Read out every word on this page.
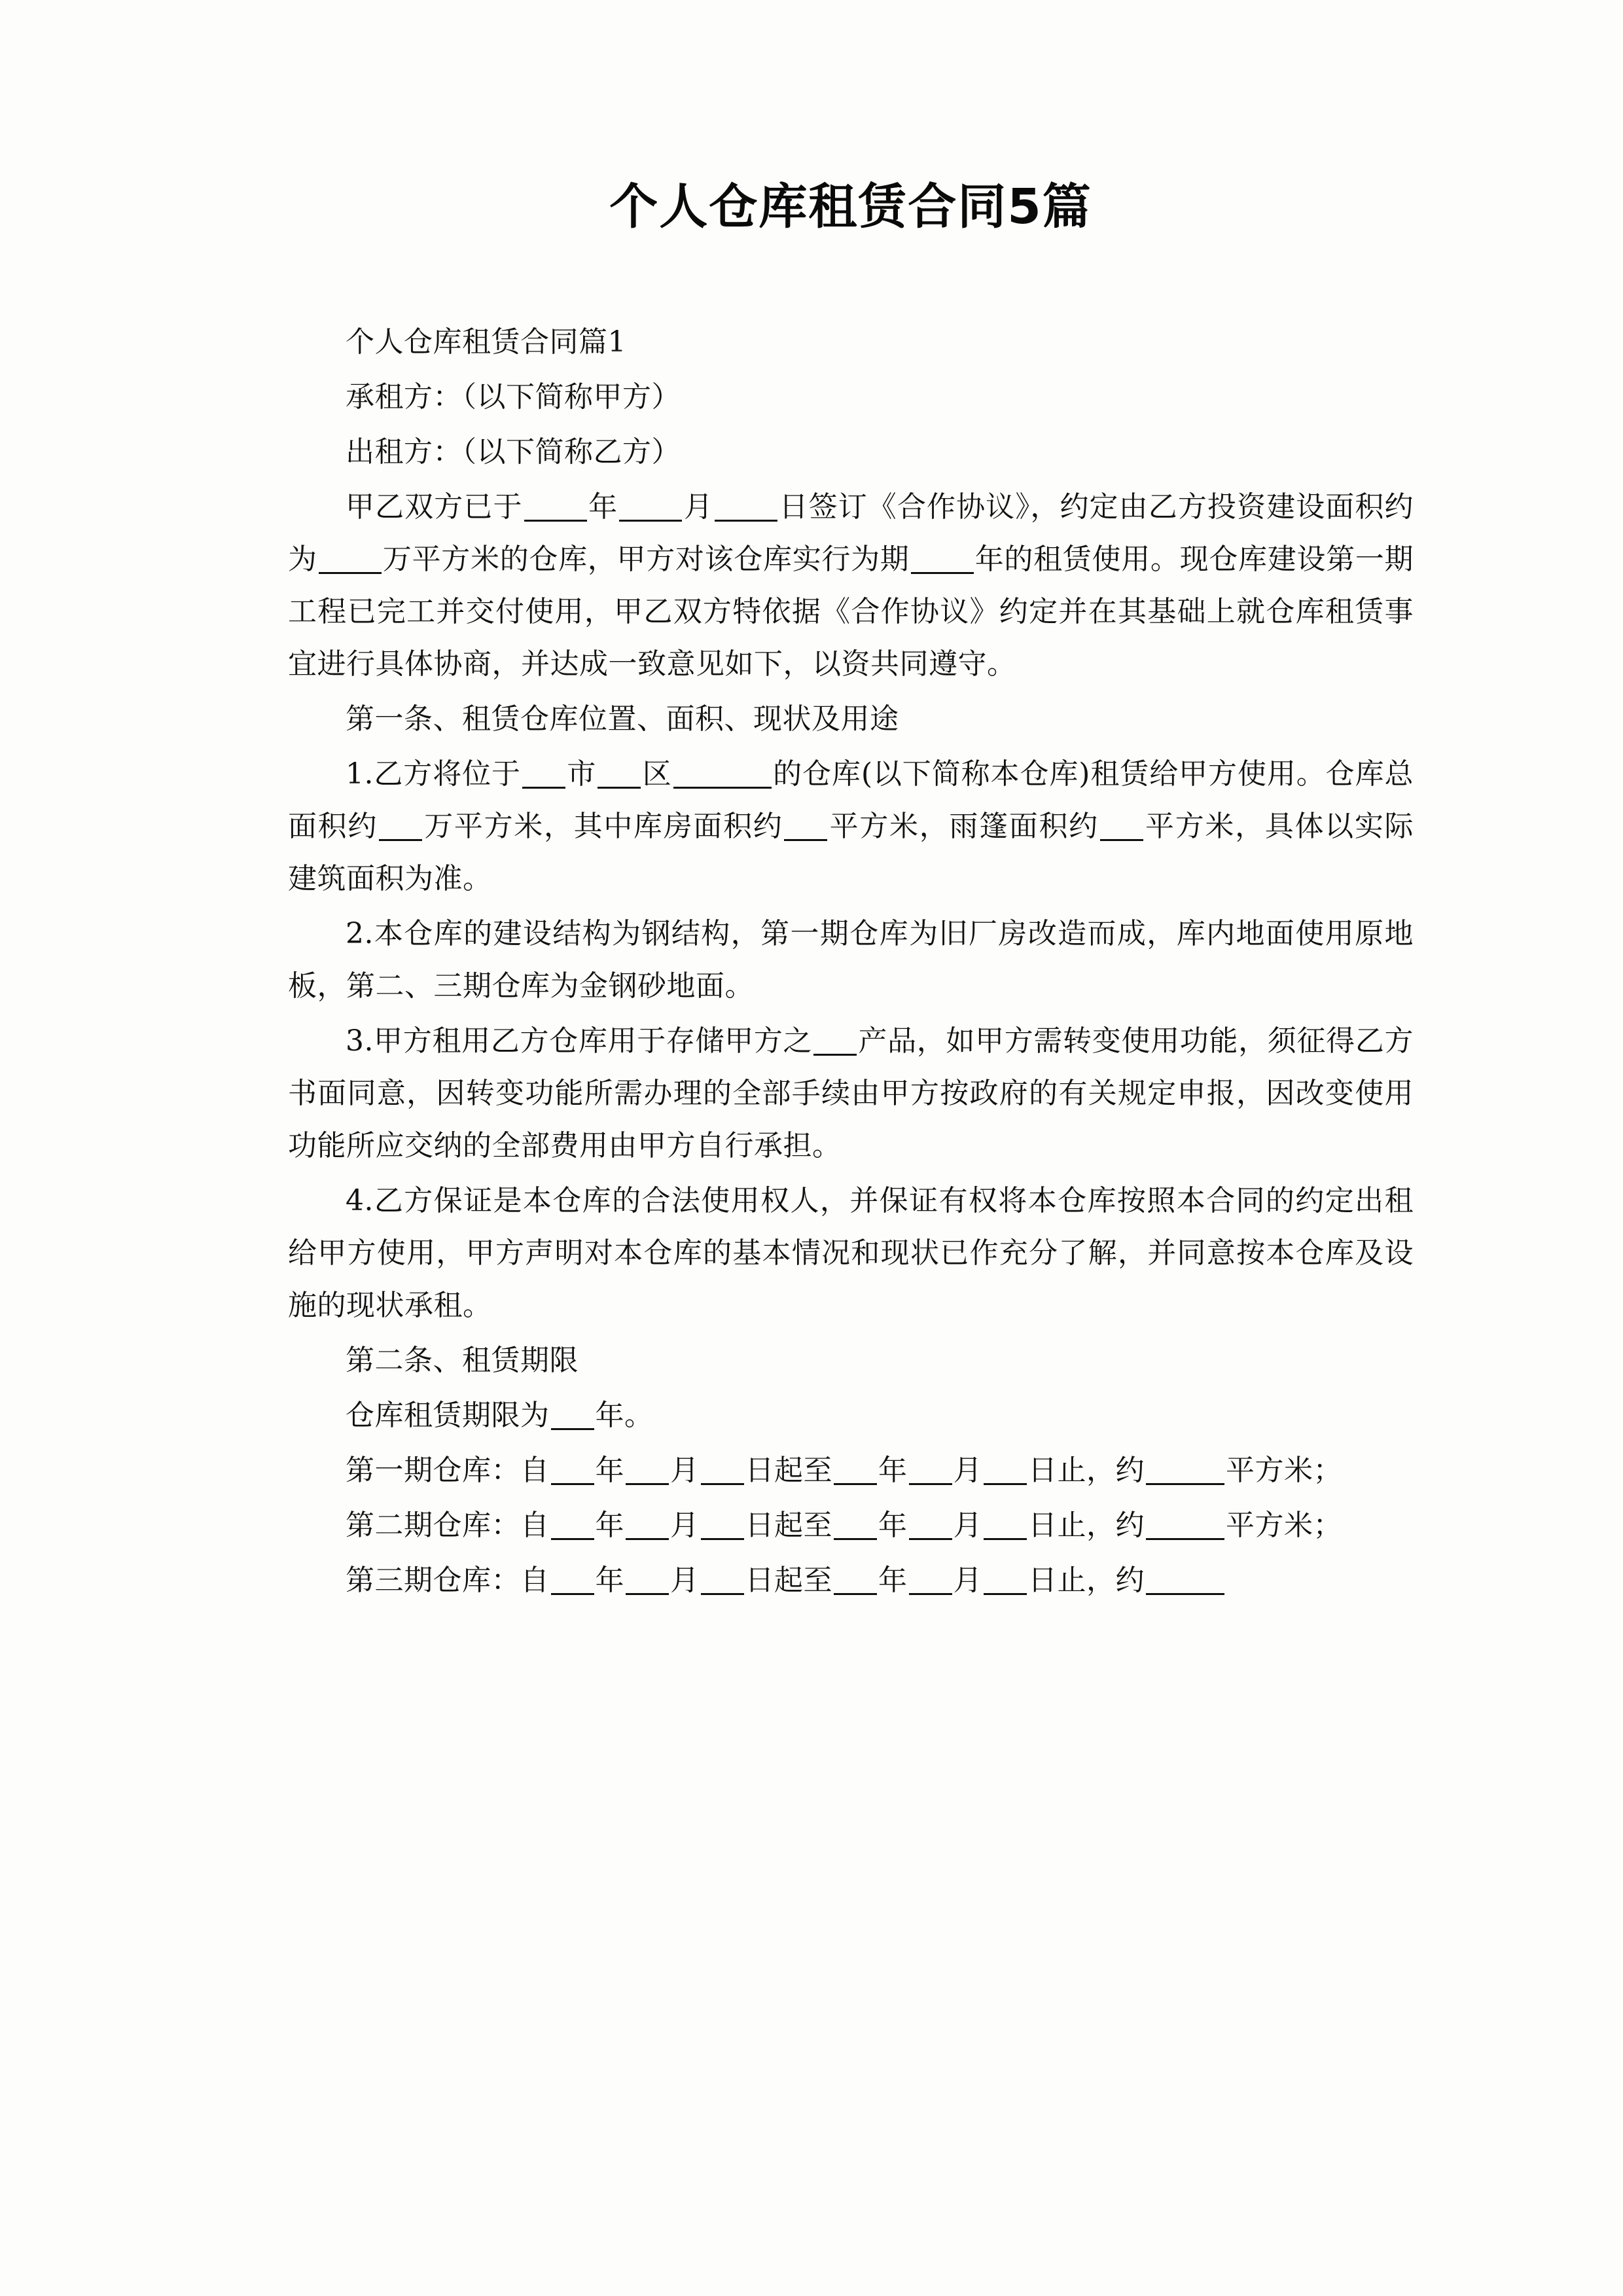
个人仓库租赁合同5篇

个人仓库租赁合同篇1

承租方：（以下简称甲方）

出租方：（以下简称乙方）

甲乙双方已于 年 月 日签订《合作协议》，约定由乙方投资建设面积约为 万平方米的仓库，甲方对该仓库实行为期 年的租赁使用。现仓库建设第一期工程已完工并交付使用，甲乙双方特依据《合作协议》约定并在其基础上就仓库租赁事宜进行具体协商，并达成一致意见如下，以资共同遵守。

第一条、租赁仓库位置、面积、现状及用途

1.乙方将位于 市 区	的仓库(以下简称本仓库)租赁给甲方使用。仓库总面积约 万平方米，其中库房面积约 平方米，雨篷面积约 平方米，具体以实际建筑面积为准。

2.本仓库的建设结构为钢结构，第一期仓库为旧厂房改造而成，库内地面使用原地板，第二、三期仓库为金钢砂地面。

3.甲方租用乙方仓库用于存储甲方之 产品，如甲方需转变使用功能，须征得乙方书面同意，因转变功能所需办理的全部手续由甲方按政府的有关规定申报，因改变使用功能所应交纳的全部费用由甲方自行承担。

4.乙方保证是本仓库的合法使用权人，并保证有权将本仓库按照本合同的约定出租给甲方使用，甲方声明对本仓库的基本情况和现状已作充分了解，并同意按本仓库及设施的现状承租。

第二条、租赁期限

仓库租赁期限为 年。

第一期仓库：自 年 月 日起至 年 月 日止，约	平方米；

第二期仓库：自 年 月 日起至 年 月 日止，约	平方米；

第三期仓库：自 年 月 日起至 年 月 日止，约
